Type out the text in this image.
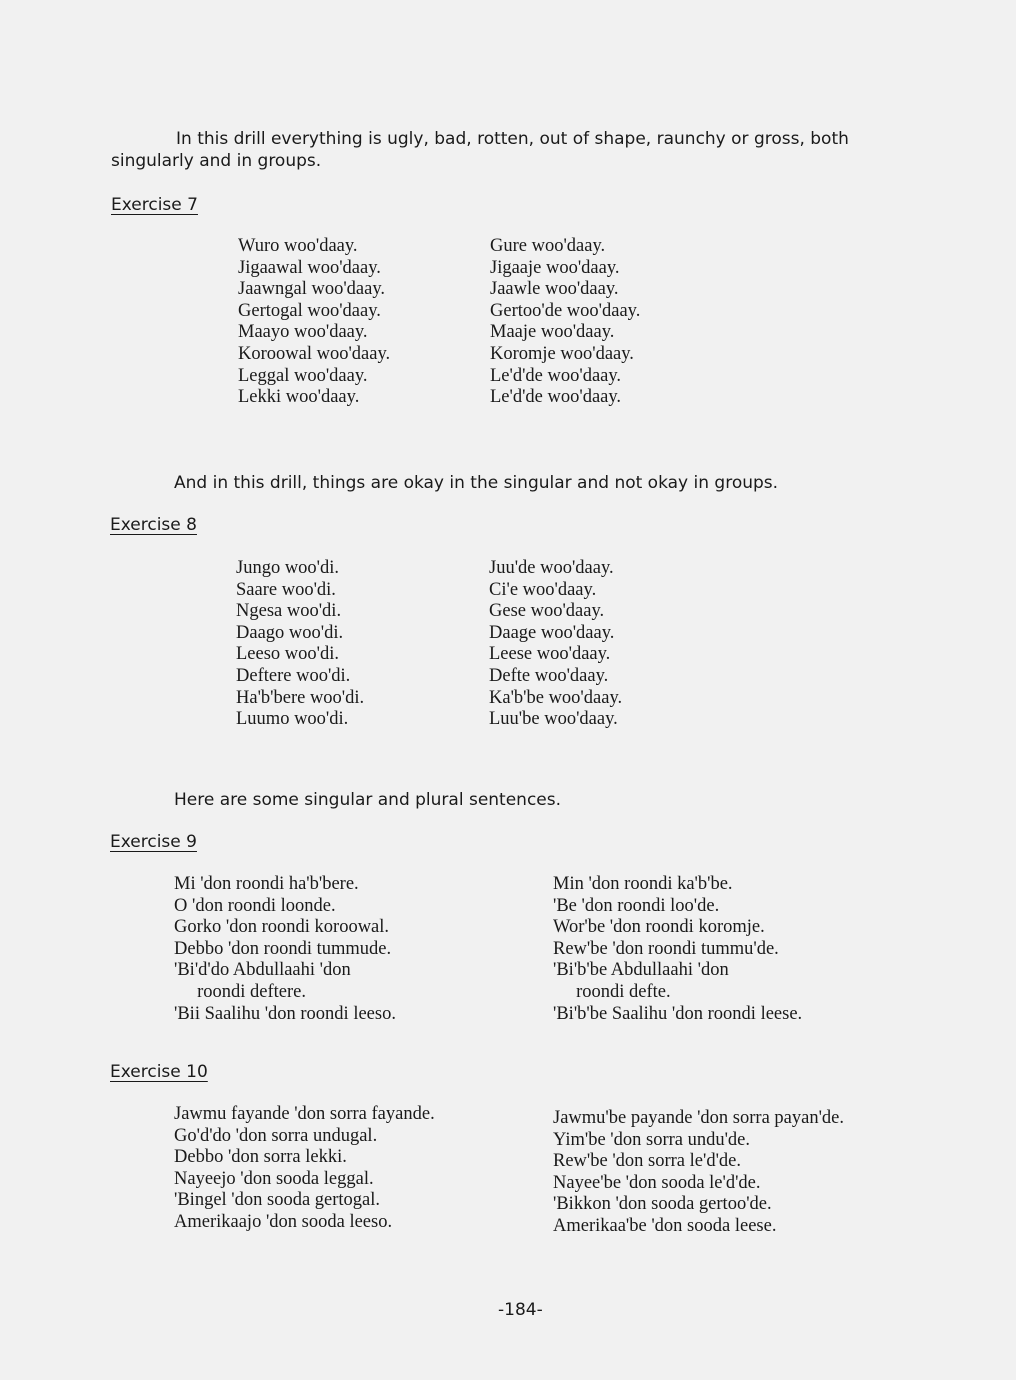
In this drill everything is ugly, bad, rotten, out of shape, raunchy or gross, both
singularly and in groups.
Exercise 7
Wuro woo'daay.
Jigaawal woo'daay.
Jaawngal woo'daay.
Gertogal woo'daay.
Maayo woo'daay.
Koroowal woo'daay.
Leggal woo'daay.
Lekki woo'daay.
Gure woo'daay.
Jigaaje woo'daay.
Jaawle woo'daay.
Gertoo'de woo'daay.
Maaje woo'daay.
Koromje woo'daay.
Le'd'de woo'daay.
Le'd'de woo'daay.
And in this drill, things are okay in the singular and not okay in groups.
Exercise 8
Jungo woo'di.
Saare woo'di.
Ngesa woo'di.
Daago woo'di.
Leeso woo'di.
Deftere woo'di.
Ha'b'bere woo'di.
Luumo woo'di.
Juu'de woo'daay.
Ci'e woo'daay.
Gese woo'daay.
Daage woo'daay.
Leese woo'daay.
Defte woo'daay.
Ka'b'be woo'daay.
Luu'be woo'daay.
Here are some singular and plural sentences.
Exercise 9
Mi 'don roondi ha'b'bere.
O 'don roondi loonde.
Gorko 'don roondi koroowal.
Debbo 'don roondi tummude.
'Bi'd'do Abdullaahi 'don
roondi deftere.
'Bii Saalihu 'don roondi leeso.
Min 'don roondi ka'b'be.
'Be 'don roondi loo'de.
Wor'be 'don roondi koromje.
Rew'be 'don roondi tummu'de.
'Bi'b'be Abdullaahi 'don
roondi defte.
'Bi'b'be Saalihu 'don roondi leese.
Exercise 10
Jawmu fayande 'don sorra fayande.
Go'd'do 'don sorra undugal.
Debbo 'don sorra lekki.
Nayeejo 'don sooda leggal.
'Bingel 'don sooda gertogal.
Amerikaajo 'don sooda leeso.
Jawmu'be payande 'don sorra payan'de.
Yim'be 'don sorra undu'de.
Rew'be 'don sorra le'd'de.
Nayee'be 'don sooda le'd'de.
'Bikkon 'don sooda gertoo'de.
Amerikaa'be 'don sooda leese.
-184-
